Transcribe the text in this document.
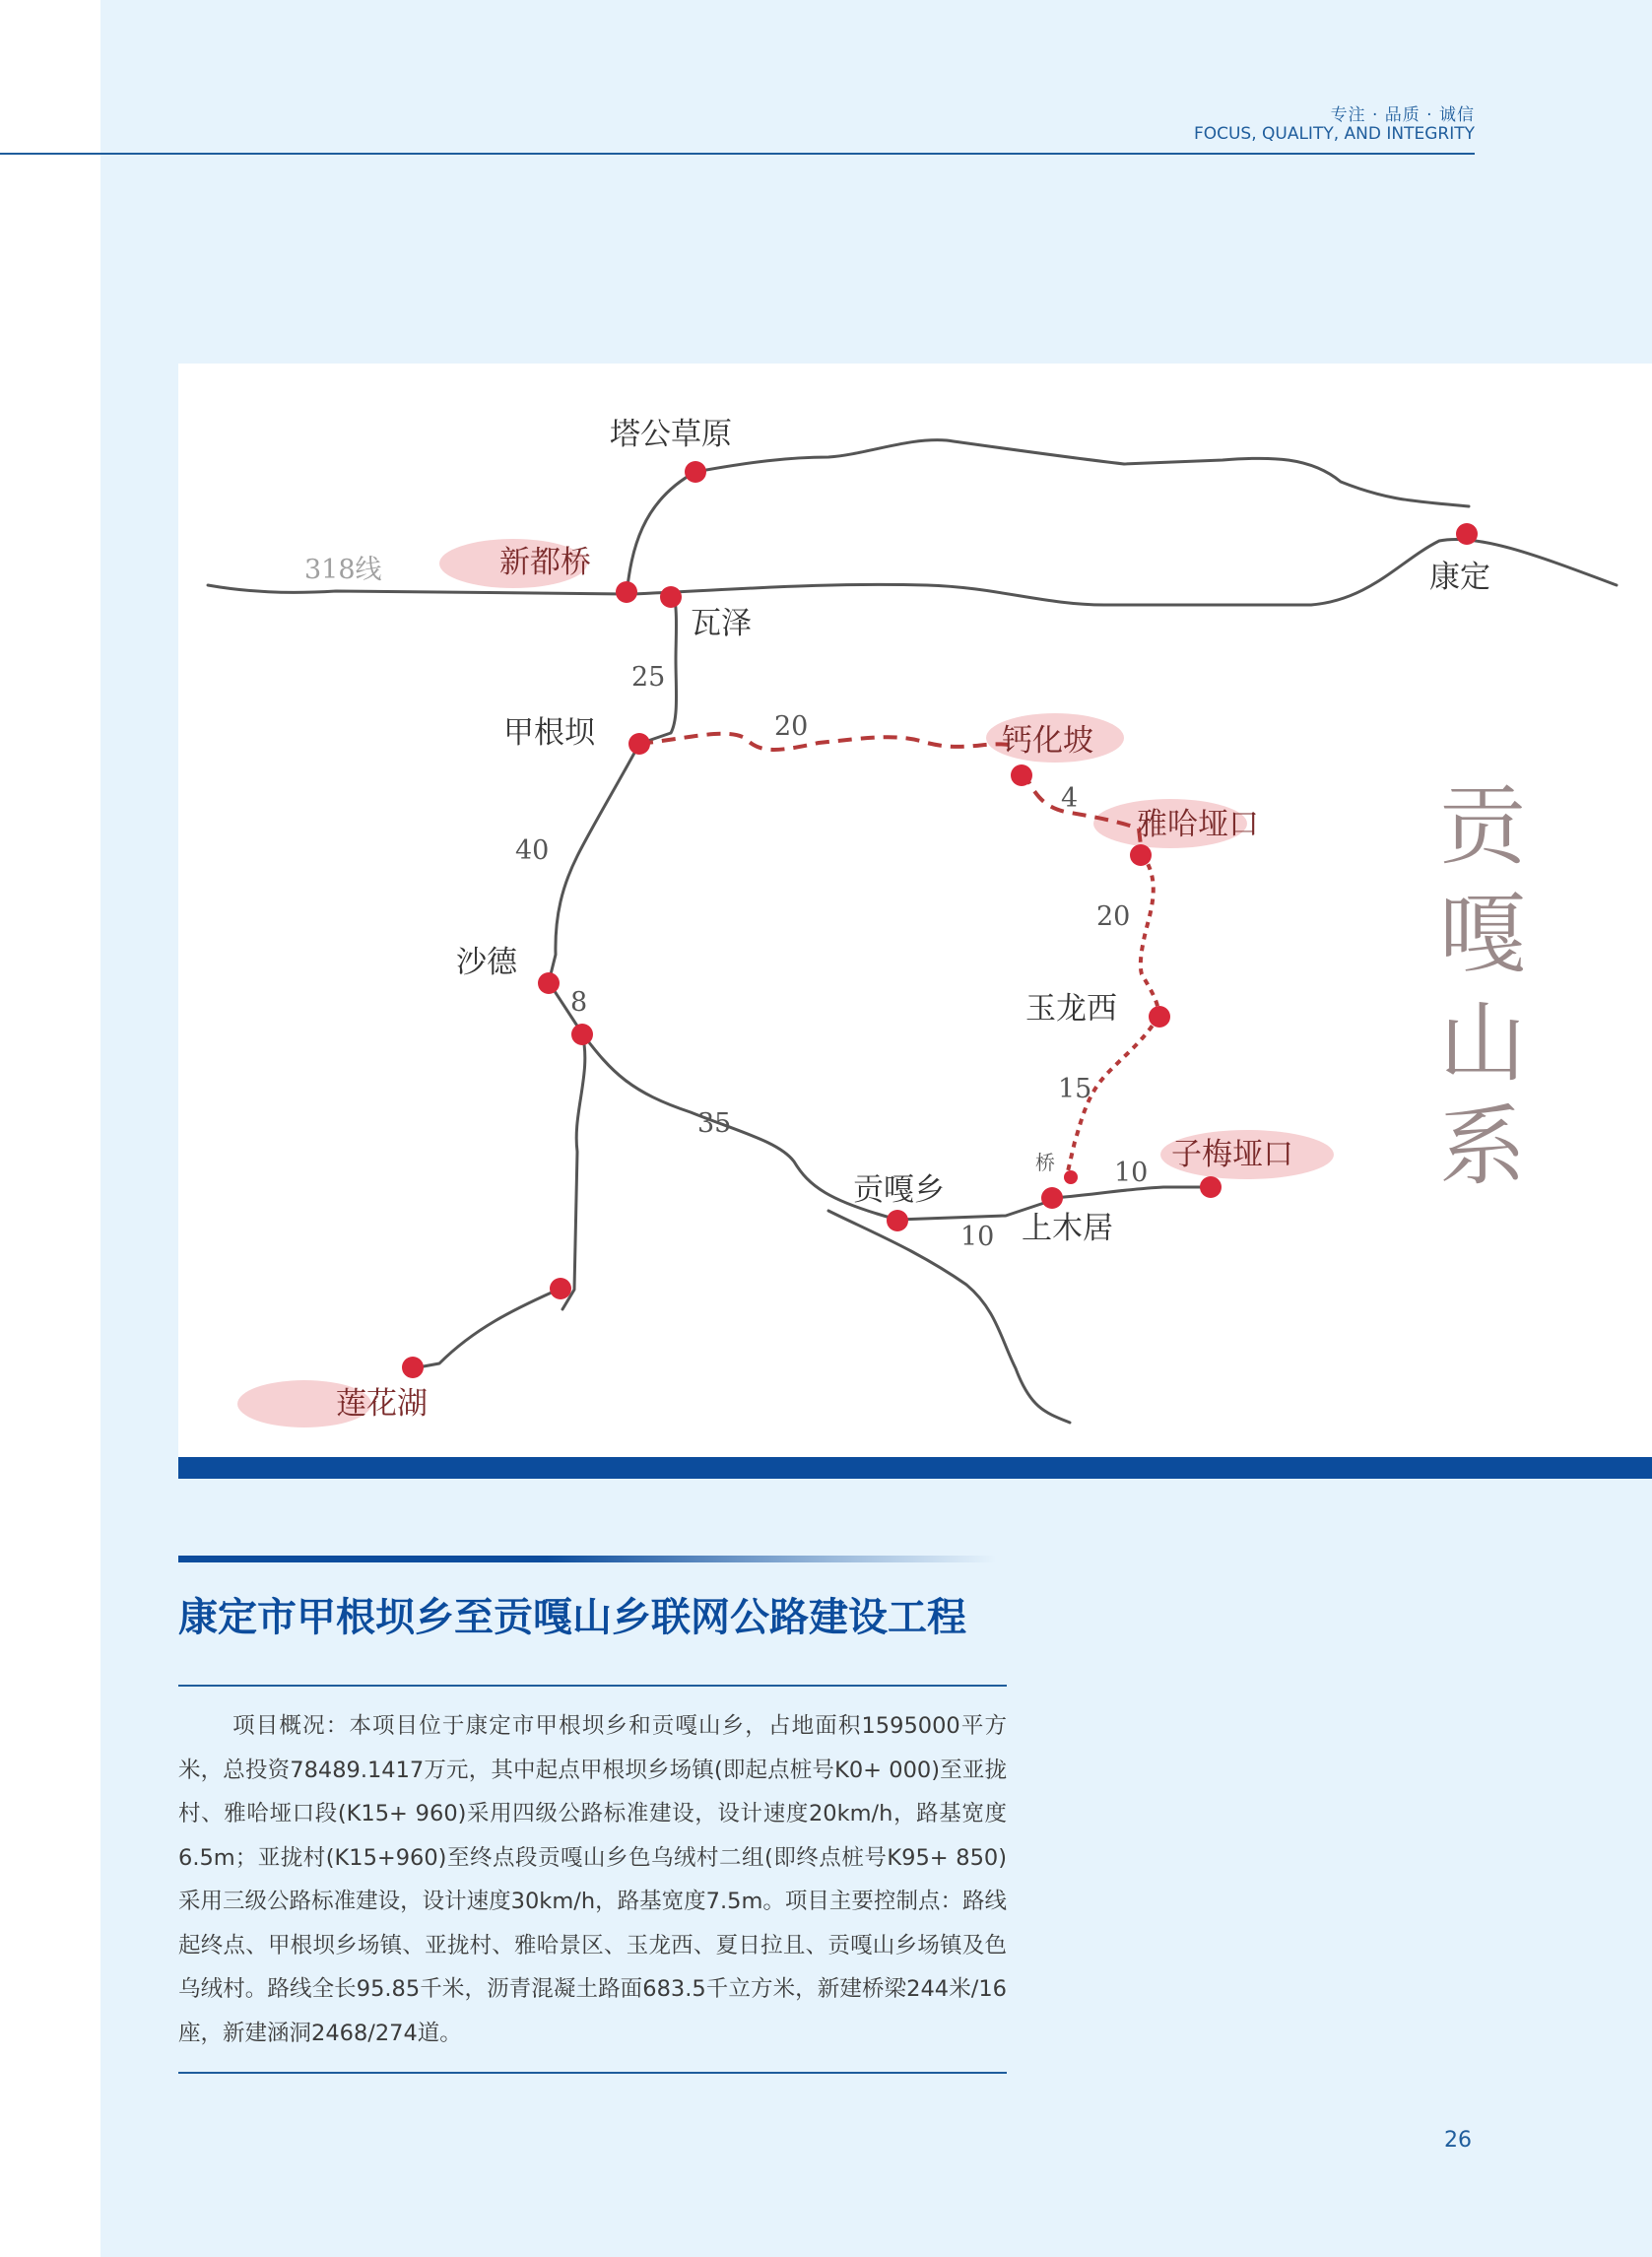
专注 · 品质 · 诚信
FOCUS, QUALITY, AND INTEGRITY
塔公草原
新都桥
瓦泽
康定
甲根坝	钙化坡
雅哈垭口
沙德
玉龙西
子梅垭口
贡嘎乡
上木居
莲花湖
桥
318线
25
20
4
40
20
8
15
35
10
10
贡
嘎
山
系
康定市甲根坝乡至贡嘎山乡联网公路建设工程
项目概况：本项目位于康定市甲根坝乡和贡嘎山乡，占地面积1595000平方米，总投资78489.1417万元，其中起点甲根坝乡场镇(即起点桩号K0+ 000)至亚拢村、雅哈垭口段(K15+ 960)采用四级公路标准建设，设计速度20km/h，路基宽度6.5m；亚拢村(K15+960)至终点段贡嘎山乡色乌绒村二组(即终点桩号K95+ 850)采用三级公路标准建设，设计速度30km/h，路基宽度7.5m。项目主要控制点：路线起终点、甲根坝乡场镇、亚拢村、雅哈景区、玉龙西、夏日拉且、贡嘎山乡场镇及色乌绒村。路线全长95.85千米，沥青混凝土路面683.5千立方米，新建桥梁244米/16座，新建涵洞2468/274道。
26
